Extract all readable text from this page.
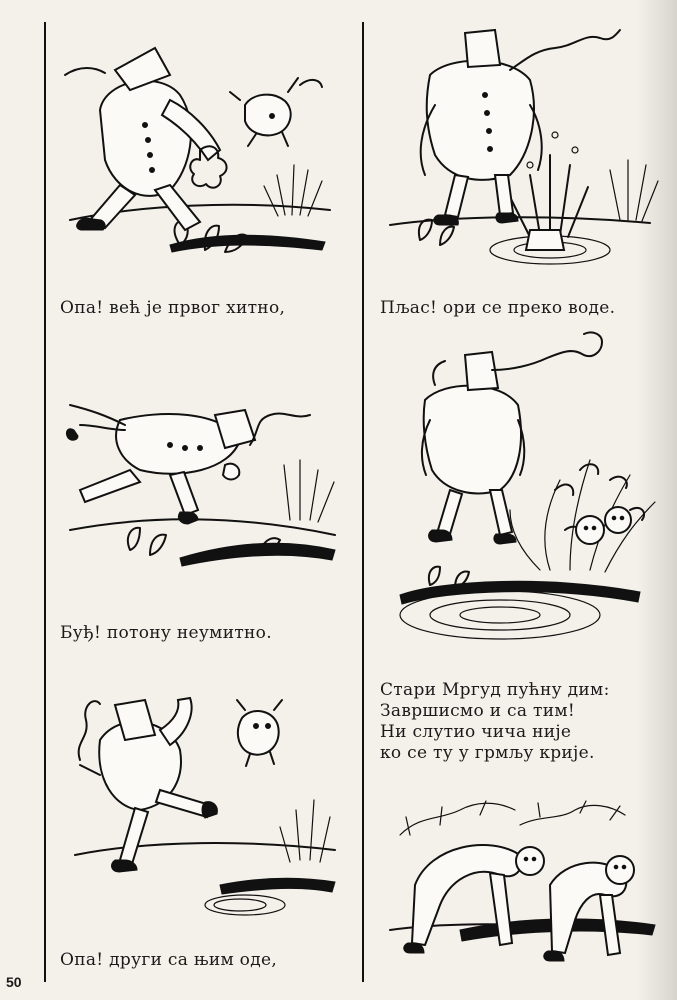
Опа! већ је првог хитно,
Буђ! потону неумитно.
Опа! други са њим оде,
Пљас! ори се преко воде.
Стари Мргуд пућну дим:
Завршисмо и са тим!
Ни слутио чича није
ко се ту у грмљу крије.
50
